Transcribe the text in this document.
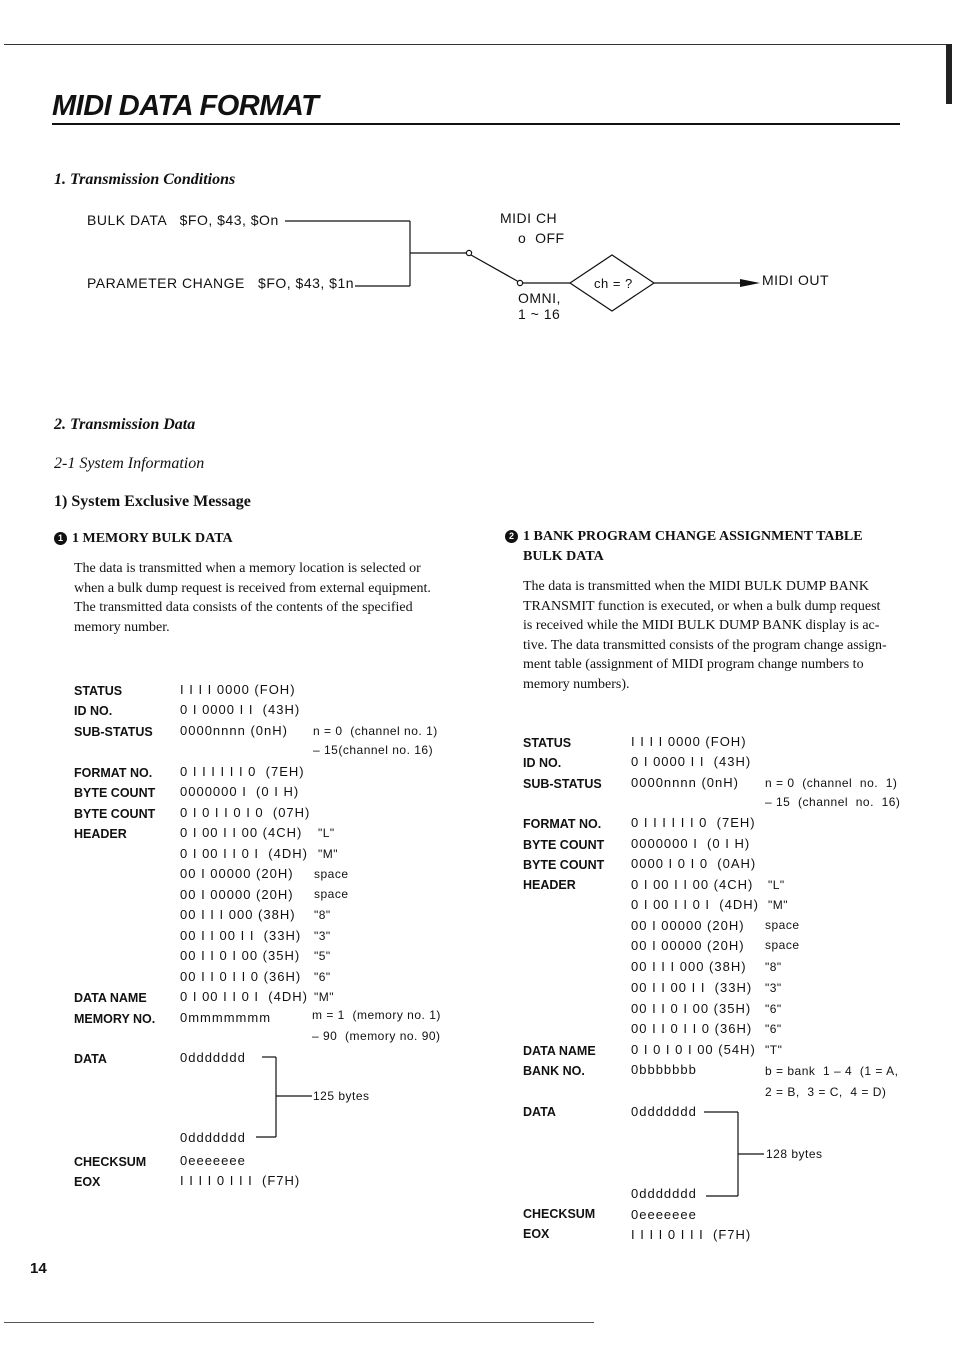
MIDI DATA FORMAT
1. Transmission Conditions
BULK DATA   $FO, $43, $On
PARAMETER CHANGE   $FO, $43, $1n
MIDI CH
o  OFF
OMNI,
1 ~ 16
ch = ?	MIDI OUT
2. Transmission Data
2-1 System Information
1) System Exclusive Message
1 1 MEMORY BULK DATA
The data is transmitted when a memory location is selected or
when a bulk dump request is received from external equipment.
The transmitted data consists of the contents of the specified
memory number.
STATUS
ID NO.
SUB-STATUS
FORMAT NO.
BYTE COUNT
BYTE COUNT
HEADER
DATA NAME
MEMORY NO.
DATA
CHECKSUM
EOX
I I I I 0000 (FOH)
0 I 0000 I I  (43H)
0000nnnn (0nH)
0 I I I I I I 0  (7EH)
0000000 I  (0 I H)
0 I 0 I I 0 I 0  (07H)
0 I 00 I I 00 (4CH)
0 I 00 I I 0 I  (4DH)
00 I 00000 (20H)
00 I 00000 (20H)
00 I I I 000 (38H)
00 I I 00 I I  (33H)
00 I I 0 I 00 (35H)
00 I I 0 I I 0 (36H)
0 I 00 I I 0 I  (4DH)
0mmmmmmm
0ddddddd
0ddddddd
0eeeeeee
I I I I 0 I I I  (F7H)
n = 0  (channel no. 1)
– 15(channel no. 16)
"L"
"M"
space
space
"8"
"3"
"5"
"6"
"M"
m = 1  (memory no. 1)
– 90  (memory no. 90)
125 bytes
2 1 BANK PROGRAM CHANGE ASSIGNMENT TABLE
BULK DATA
The data is transmitted when the MIDI BULK DUMP BANK
TRANSMIT function is executed, or when a bulk dump request
is received while the MIDI BULK DUMP BANK display is ac-
tive. The data transmitted consists of the program change assign-
ment table (assignment of MIDI program change numbers to
memory numbers).
STATUS
ID NO.
SUB-STATUS
FORMAT NO.
BYTE COUNT
BYTE COUNT
HEADER
DATA NAME
BANK NO.
DATA
CHECKSUM
EOX
I I I I 0000 (FOH)
0 I 0000 I I  (43H)
0000nnnn (0nH)
0 I I I I I I 0  (7EH)
0000000 I  (0 I H)
0000 I 0 I 0  (0AH)
0 I 00 I I 00 (4CH)
0 I 00 I I 0 I  (4DH)
00 I 00000 (20H)
00 I 00000 (20H)
00 I I I 000 (38H)
00 I I 00 I I  (33H)
00 I I 0 I 00 (35H)
00 I I 0 I I 0 (36H)
0 I 0 I 0 I 00 (54H)
0bbbbbbb
0ddddddd
0ddddddd
0eeeeeee
I I I I 0 I I I  (F7H)
n = 0  (channel  no.  1)
– 15  (channel  no.  16)
"L"
"M"
space
space
"8"
"3"
"6"
"6"
"T"
b = bank  1 – 4  (1 = A,
2 = B,  3 = C,  4 = D)
128 bytes
14
